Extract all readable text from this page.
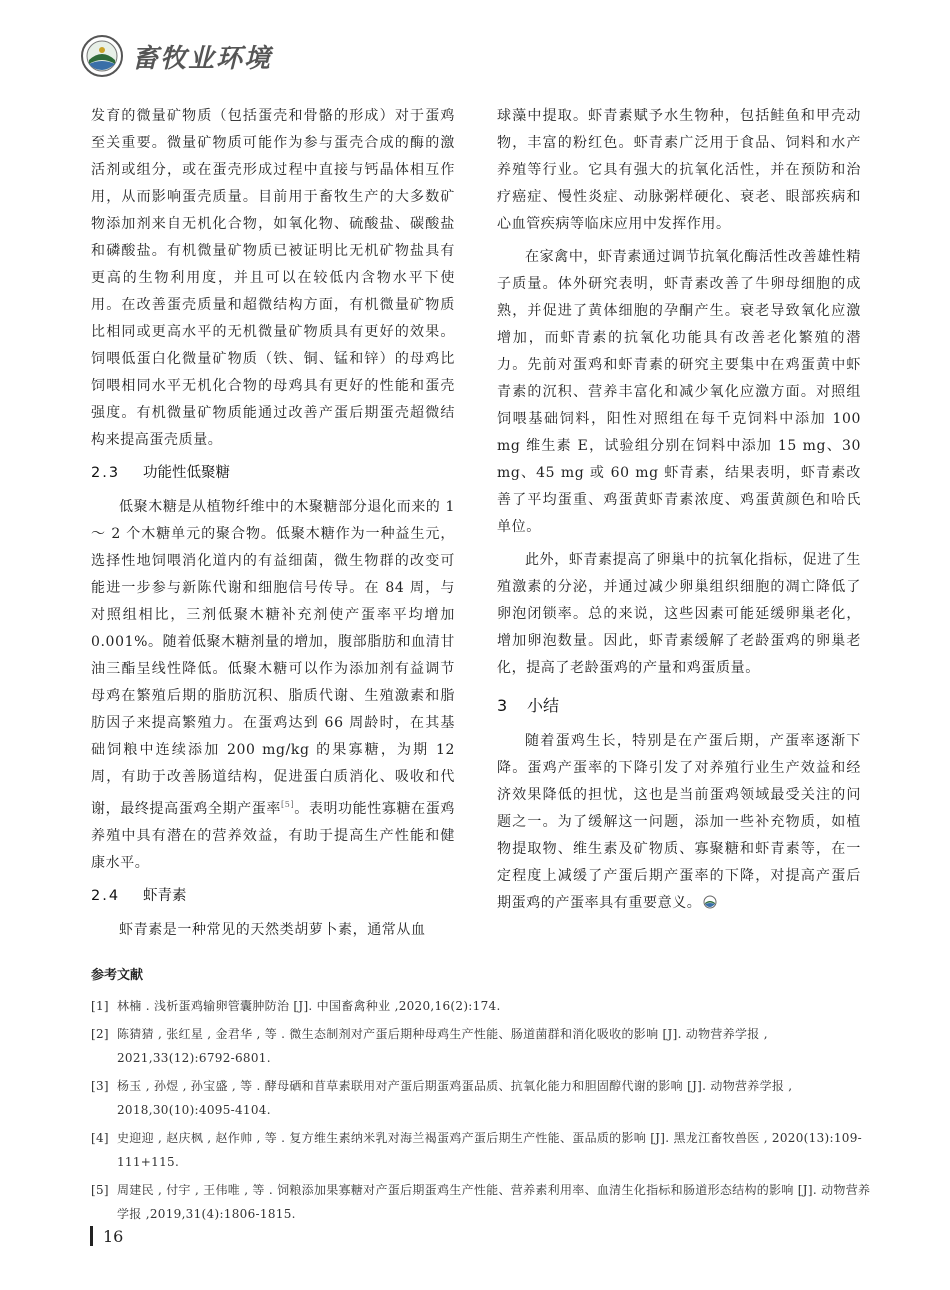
畜牧业环境

发育的微量矿物质（包括蛋壳和骨骼的形成）对于蛋鸡至关重要。微量矿物质可能作为参与蛋壳合成的酶的激活剂或组分，或在蛋壳形成过程中直接与钙晶体相互作用，从而影响蛋壳质量。目前用于畜牧生产的大多数矿物添加剂来自无机化合物，如氧化物、硫酸盐、碳酸盐和磷酸盐。有机微量矿物质已被证明比无机矿物盐具有更高的生物利用度，并且可以在较低内含物水平下使用。在改善蛋壳质量和超微结构方面，有机微量矿物质比相同或更高水平的无机微量矿物质具有更好的效果。饲喂低蛋白化微量矿物质（铁、铜、锰和锌）的母鸡比饲喂相同水平无机化合物的母鸡具有更好的性能和蛋壳强度。有机微量矿物质能通过改善产蛋后期蛋壳超微结构来提高蛋壳质量。

2.3 功能性低聚糖

低聚木糖是从植物纤维中的木聚糖部分退化而来的 1 ～ 2 个木糖单元的聚合物。低聚木糖作为一种益生元，选择性地饲喂消化道内的有益细菌，微生物群的改变可能进一步参与新陈代谢和细胞信号传导。在 84 周，与对照组相比，三剂低聚木糖补充剂使产蛋率平均增加 0.001%。随着低聚木糖剂量的增加，腹部脂肪和血清甘油三酯呈线性降低。低聚木糖可以作为添加剂有益调节母鸡在繁殖后期的脂肪沉积、脂质代谢、生殖激素和脂肪因子来提高繁殖力。在蛋鸡达到 66 周龄时，在其基础饲粮中连续添加 200 mg/kg 的果寡糖，为期 12 周，有助于改善肠道结构，促进蛋白质消化、吸收和代谢，最终提高蛋鸡全期产蛋率[5]。表明功能性寡糖在蛋鸡养殖中具有潜在的营养效益，有助于提高生产性能和健康水平。

2.4 虾青素

虾青素是一种常见的天然类胡萝卜素，通常从血

球藻中提取。虾青素赋予水生物种，包括鲑鱼和甲壳动物，丰富的粉红色。虾青素广泛用于食品、饲料和水产养殖等行业。它具有强大的抗氧化活性，并在预防和治疗癌症、慢性炎症、动脉粥样硬化、衰老、眼部疾病和心血管疾病等临床应用中发挥作用。

在家禽中，虾青素通过调节抗氧化酶活性改善雄性精子质量。体外研究表明，虾青素改善了牛卵母细胞的成熟，并促进了黄体细胞的孕酮产生。衰老导致氧化应激增加，而虾青素的抗氧化功能具有改善老化繁殖的潜力。先前对蛋鸡和虾青素的研究主要集中在鸡蛋黄中虾青素的沉积、营养丰富化和减少氧化应激方面。对照组饲喂基础饲料，阳性对照组在每千克饲料中添加 100 mg 维生素 E，试验组分别在饲料中添加 15 mg、30 mg、45 mg 或 60 mg 虾青素，结果表明，虾青素改善了平均蛋重、鸡蛋黄虾青素浓度、鸡蛋黄颜色和哈氏单位。

此外，虾青素提高了卵巢中的抗氧化指标，促进了生殖激素的分泌，并通过减少卵巢组织细胞的凋亡降低了卵泡闭锁率。总的来说，这些因素可能延缓卵巢老化，增加卵泡数量。因此，虾青素缓解了老龄蛋鸡的卵巢老化，提高了老龄蛋鸡的产量和鸡蛋质量。

3 小结

随着蛋鸡生长，特别是在产蛋后期，产蛋率逐渐下降。蛋鸡产蛋率的下降引发了对养殖行业生产效益和经济效果降低的担忧，这也是当前蛋鸡领域最受关注的问题之一。为了缓解这一问题，添加一些补充物质，如植物提取物、维生素及矿物质、寡聚糖和虾青素等，在一定程度上减缓了产蛋后期产蛋率的下降，对提高产蛋后期蛋鸡的产蛋率具有重要意义。

参考文献
[1] 林楠 . 浅析蛋鸡输卵管囊肿防治 [J]. 中国畜禽种业 ,2020,16(2):174.
[2] 陈猜猜 , 张红星 , 金君华 , 等 . 微生态制剂对产蛋后期种母鸡生产性能、肠道菌群和消化吸收的影响 [J]. 动物营养学报 , 2021,33(12):6792-6801.
[3] 杨玉 , 孙煜 , 孙宝盛 , 等 . 酵母硒和苜草素联用对产蛋后期蛋鸡蛋品质、抗氧化能力和胆固醇代谢的影响 [J]. 动物营养学报 , 2018,30(10):4095-4104.
[4] 史迎迎 , 赵庆枫 , 赵作帅 , 等 . 复方维生素纳米乳对海兰褐蛋鸡产蛋后期生产性能、蛋品质的影响 [J]. 黑龙江畜牧兽医 , 2020(13):109-111+115.
[5] 周建民 , 付宇 , 王伟唯 , 等 . 饲粮添加果寡糖对产蛋后期蛋鸡生产性能、营养素利用率、血清生化指标和肠道形态结构的影响 [J]. 动物营养学报 ,2019,31(4):1806-1815.
16
